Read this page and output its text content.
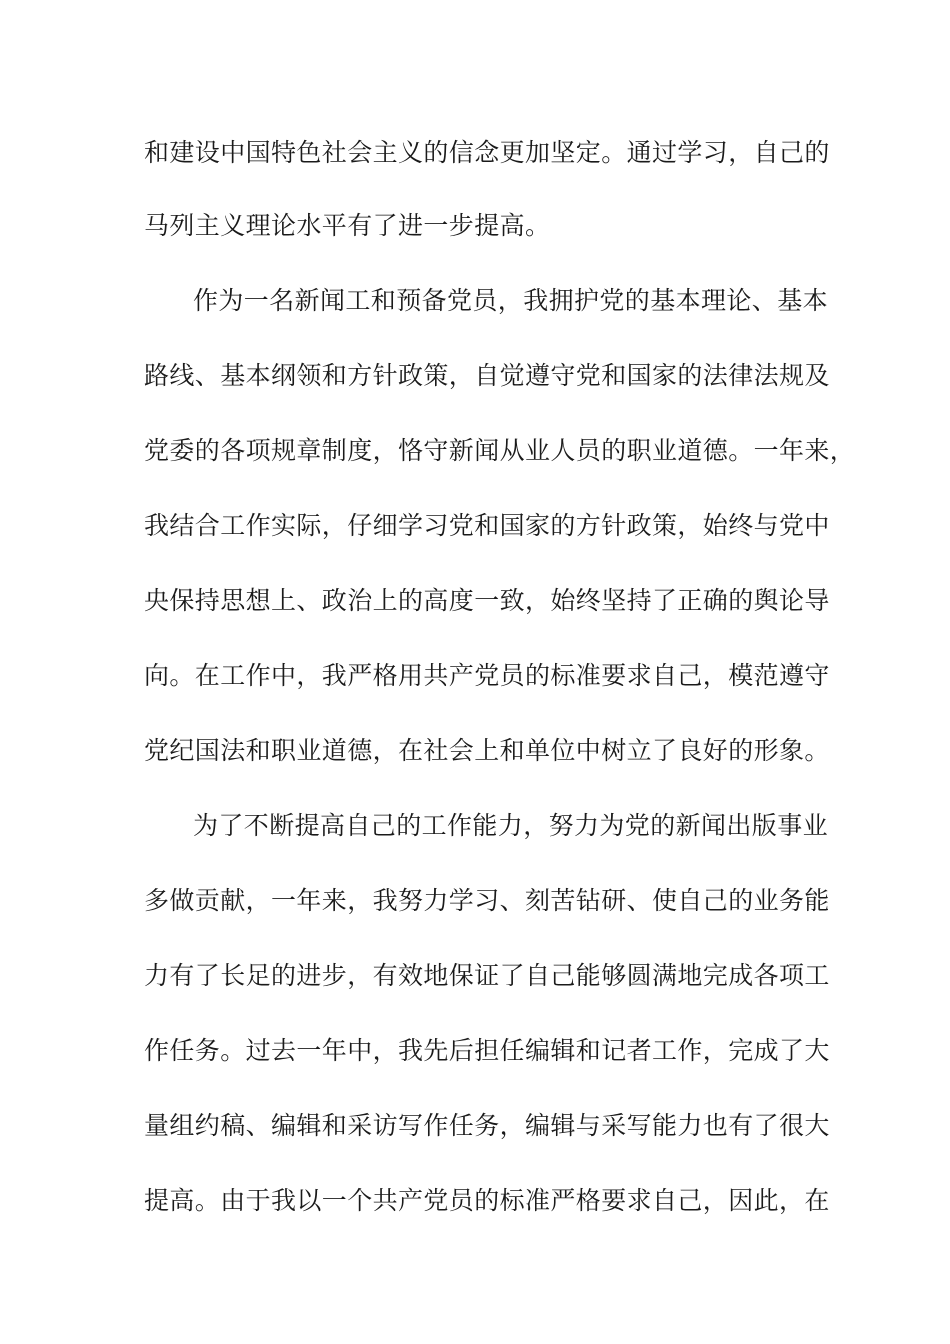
和建设中国特色社会主义的信念更加坚定。通过学习，自己的
马列主义理论水平有了进一步提高。
作为一名新闻工和预备党员，我拥护党的基本理论、基本
路线、基本纲领和方针政策，自觉遵守党和国家的法律法规及
党委的各项规章制度，恪守新闻从业人员的职业道德。一年来，
我结合工作实际，仔细学习党和国家的方针政策，始终与党中
央保持思想上、政治上的高度一致，始终坚持了正确的舆论导
向。在工作中，我严格用共产党员的标准要求自己，模范遵守
党纪国法和职业道德，在社会上和单位中树立了良好的形象。
为了不断提高自己的工作能力，努力为党的新闻出版事业
多做贡献，一年来，我努力学习、刻苦钻研、使自己的业务能
力有了长足的进步，有效地保证了自己能够圆满地完成各项工
作任务。过去一年中，我先后担任编辑和记者工作，完成了大
量组约稿、编辑和采访写作任务，编辑与采写能力也有了很大
提高。由于我以一个共产党员的标准严格要求自己，因此，在
